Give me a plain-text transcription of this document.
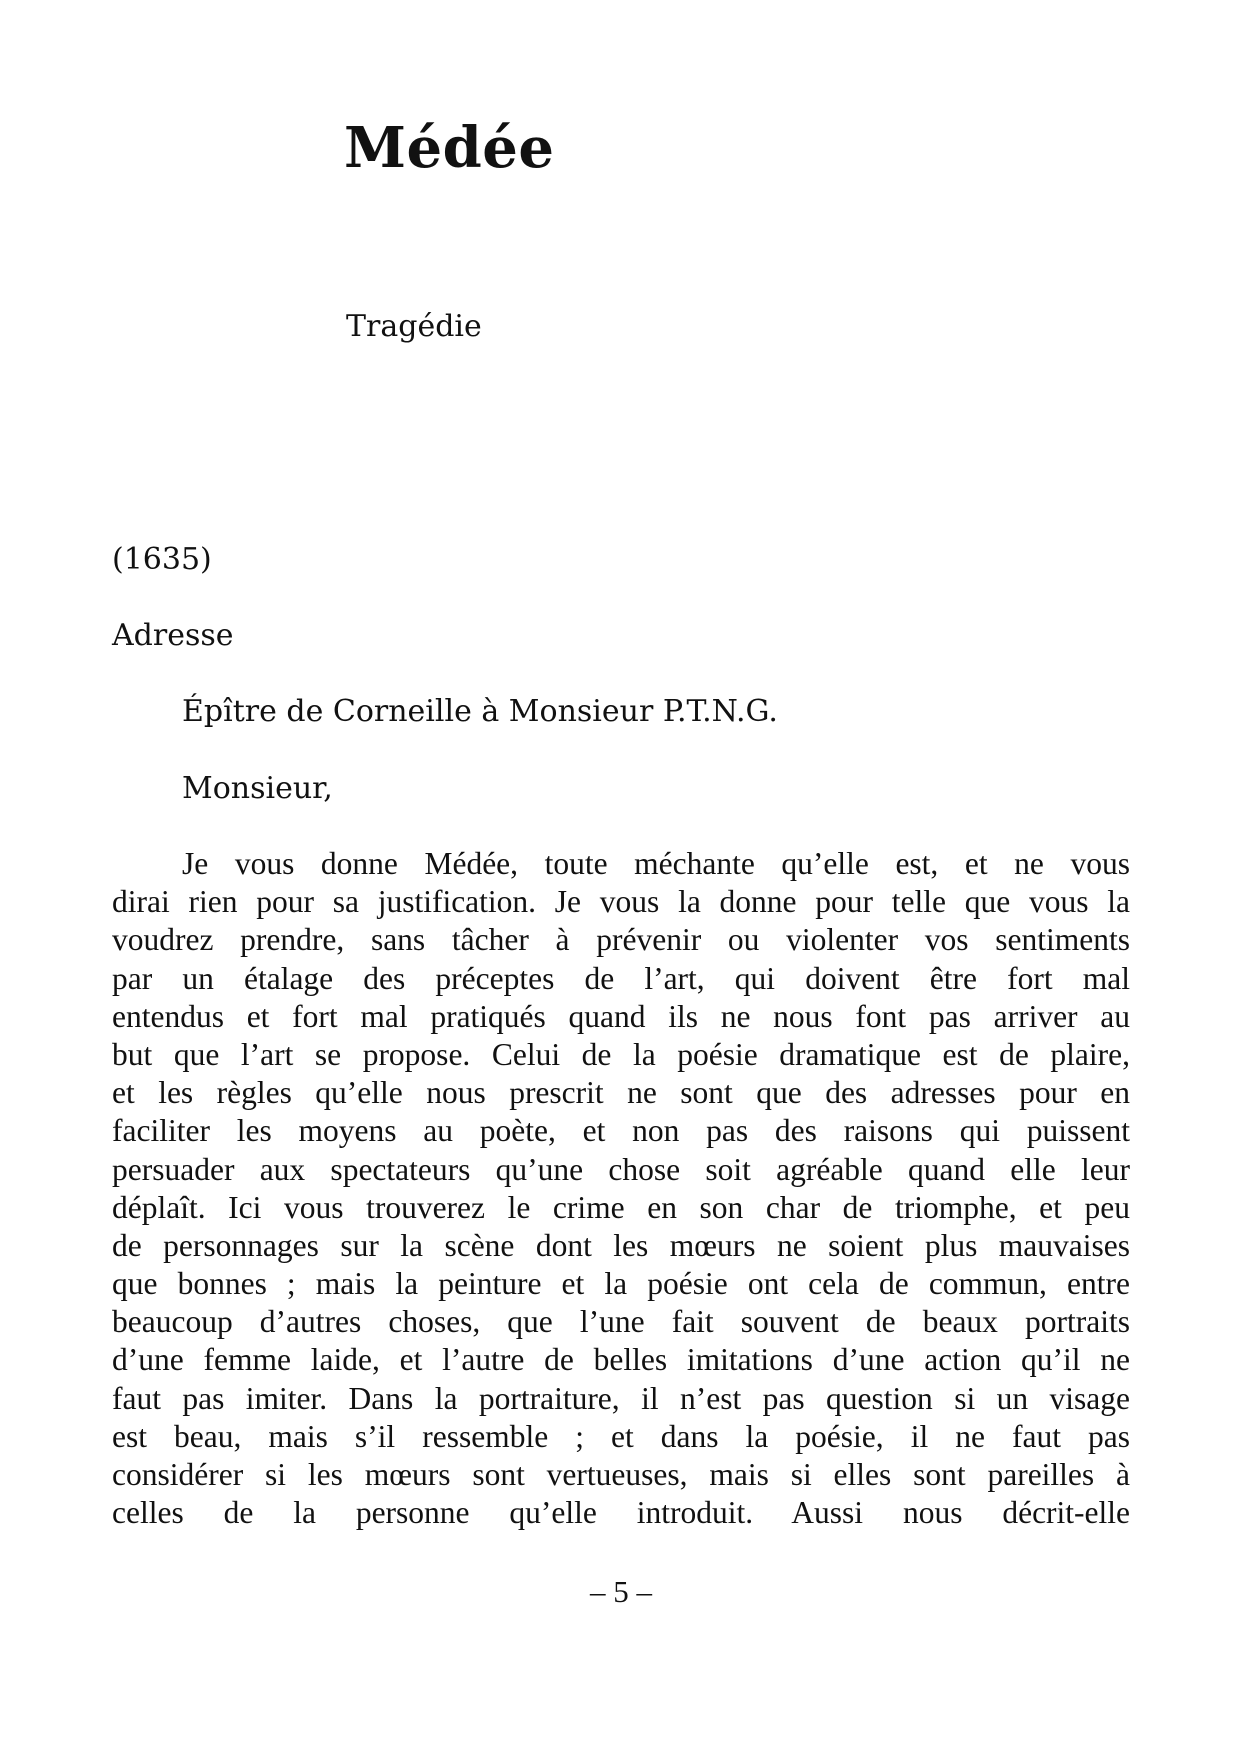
Médée

Tragédie

(1635)

Adresse

Épître de Corneille à Monsieur P.T.N.G.

Monsieur,

Je vous donne Médée, toute méchante qu’elle est, et ne vous
dirai rien pour sa justification. Je vous la donne pour telle que vous la
voudrez prendre, sans tâcher à prévenir ou violenter vos sentiments
par un étalage des préceptes de l’art, qui doivent être fort mal
entendus et fort mal pratiqués quand ils ne nous font pas arriver au
but que l’art se propose. Celui de la poésie dramatique est de plaire,
et les règles qu’elle nous prescrit ne sont que des adresses pour en
faciliter les moyens au poète, et non pas des raisons qui puissent
persuader aux spectateurs qu’une chose soit agréable quand elle leur
déplaît. Ici vous trouverez le crime en son char de triomphe, et peu
de personnages sur la scène dont les mœurs ne soient plus mauvaises
que bonnes ; mais la peinture et la poésie ont cela de commun, entre
beaucoup d’autres choses, que l’une fait souvent de beaux portraits
d’une femme laide, et l’autre de belles imitations d’une action qu’il ne
faut pas imiter. Dans la portraiture, il n’est pas question si un visage
est beau, mais s’il ressemble ; et dans la poésie, il ne faut pas
considérer si les mœurs sont vertueuses, mais si elles sont pareilles à
celles de la personne qu’elle introduit. Aussi nous décrit-elle

– 5 –
